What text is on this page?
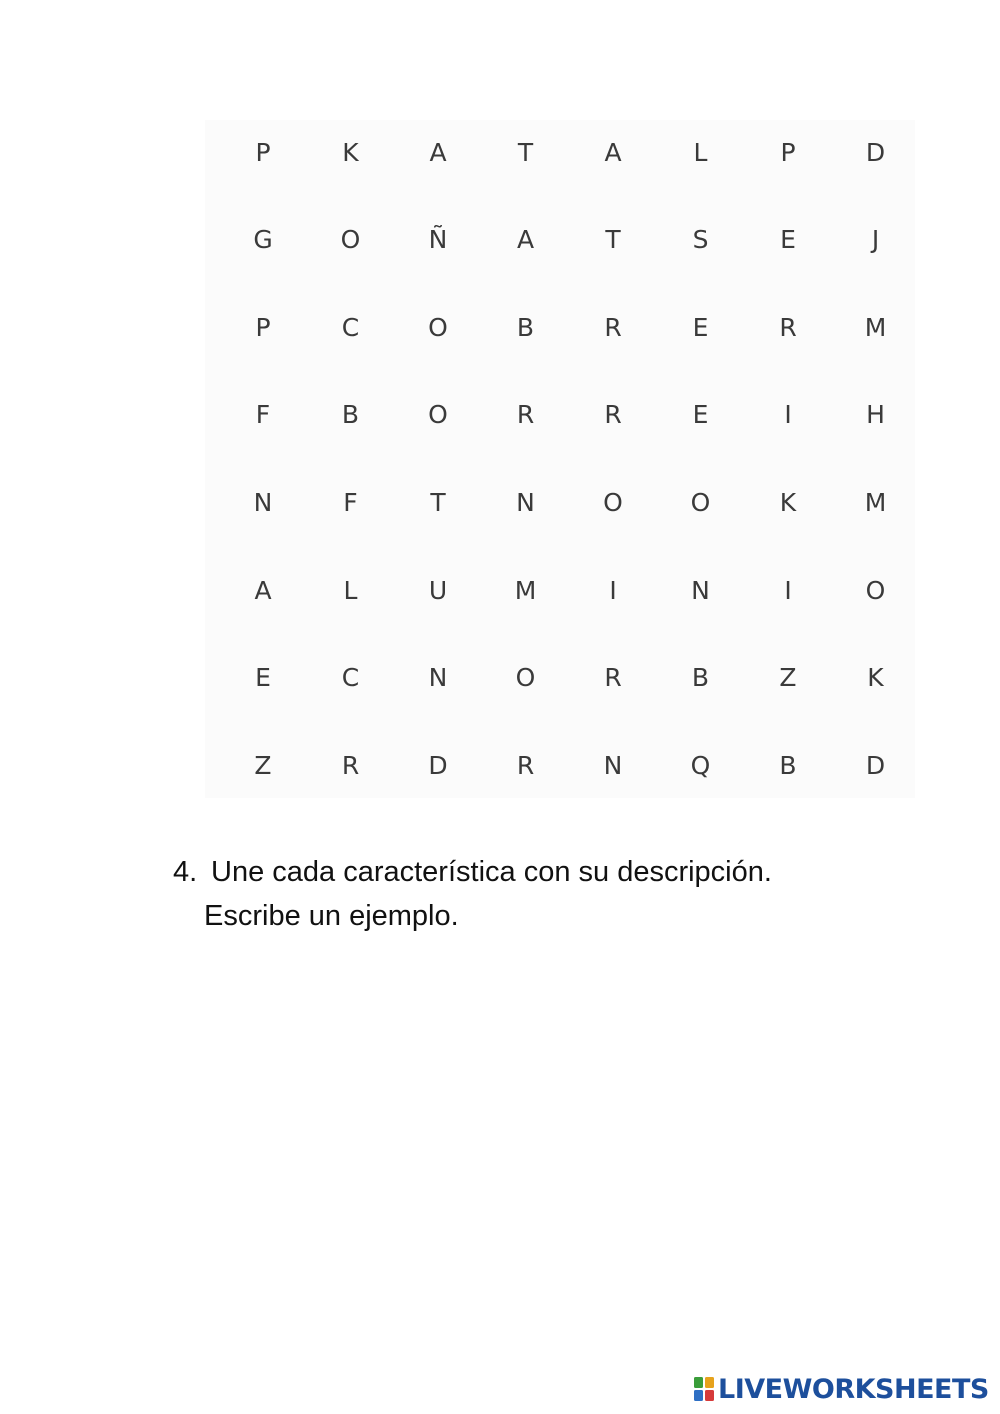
P	K	A	T	A	L	P	D
G	O	Ñ	A	T	S	E	J
P	C	O	B	R	E	R	M
F	B	O	R	R	E	I	H
N	F	T	N	O	O	K	M
A	L	U	M	I	N	I	O
E	C	N	O	R	B	Z	K
Z	R	D	R	N	Q	B	D
4. Une cada característica con su descripción.
Escribe un ejemplo.
LIVEWORKSHEETS
